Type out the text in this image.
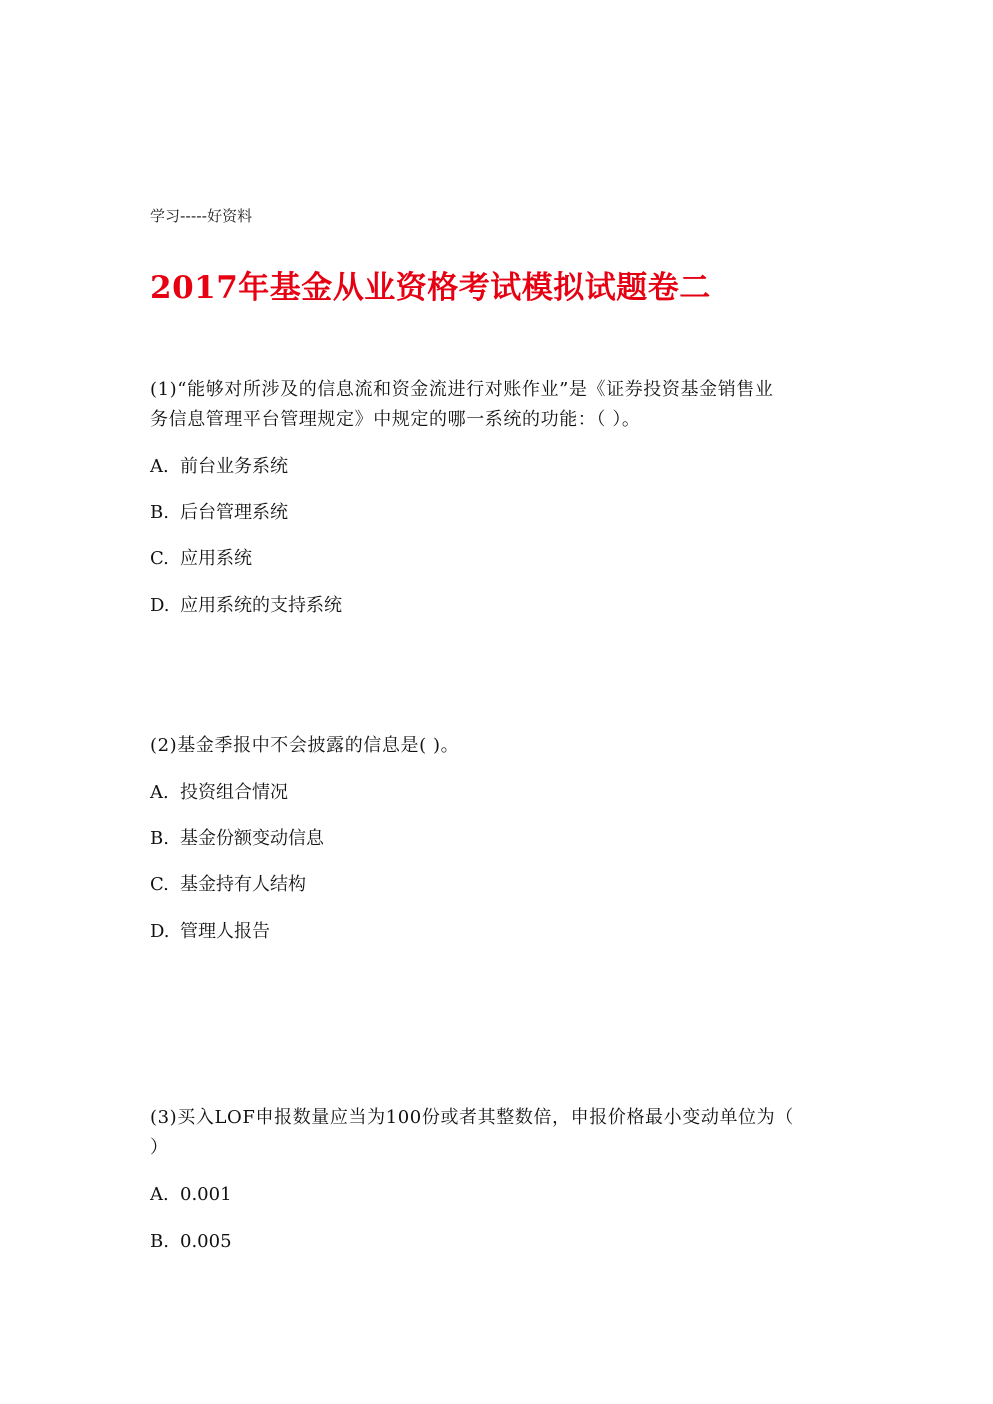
学习-----好资料
2017年基金从业资格考试模拟试题卷二
(1)“能够对所涉及的信息流和资金流进行对账作业”是《证券投资基金销售业
务信息管理平台管理规定》中规定的哪一系统的功能：（ ）。
A. 前台业务系统
B. 后台管理系统
C. 应用系统
D. 应用系统的支持系统
(2)基金季报中不会披露的信息是( )。
A. 投资组合情况
B. 基金份额变动信息
C. 基金持有人结构
D. 管理人报告
(3)买入LOF申报数量应当为100份或者其整数倍，申报价格最小变动单位为（
）
A. 0.001
B. 0.005
